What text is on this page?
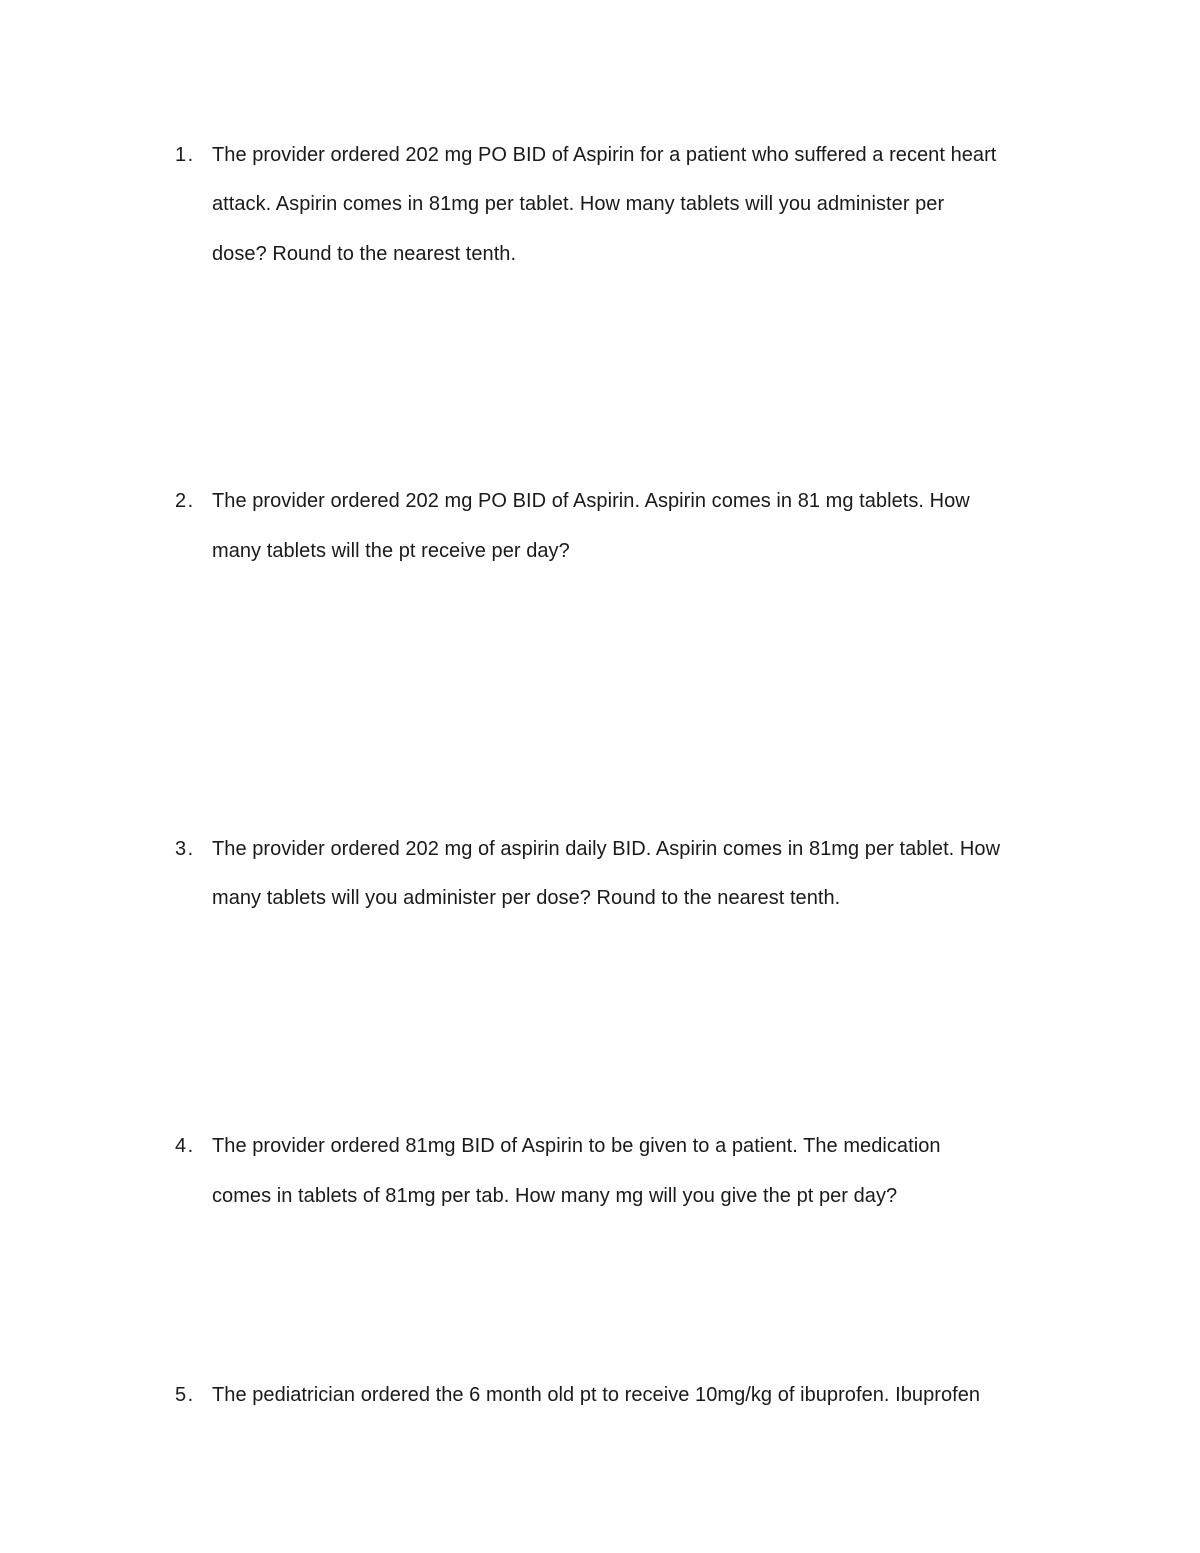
1. The provider ordered 202 mg PO BID of Aspirin for a patient who suffered a recent heart
attack. Aspirin comes in 81mg per tablet. How many tablets will you administer per
dose? Round to the nearest tenth.
2. The provider ordered 202 mg PO BID of Aspirin. Aspirin comes in 81 mg tablets. How
many tablets will the pt receive per day?
3. The provider ordered 202 mg of aspirin daily BID. Aspirin comes in 81mg per tablet. How
many tablets will you administer per dose? Round to the nearest tenth.
4. The provider ordered 81mg BID of Aspirin to be given to a patient. The medication
comes in tablets of 81mg per tab. How many mg will you give the pt per day?
5. The pediatrician ordered the 6 month old pt to receive 10mg/kg of ibuprofen. Ibuprofen
